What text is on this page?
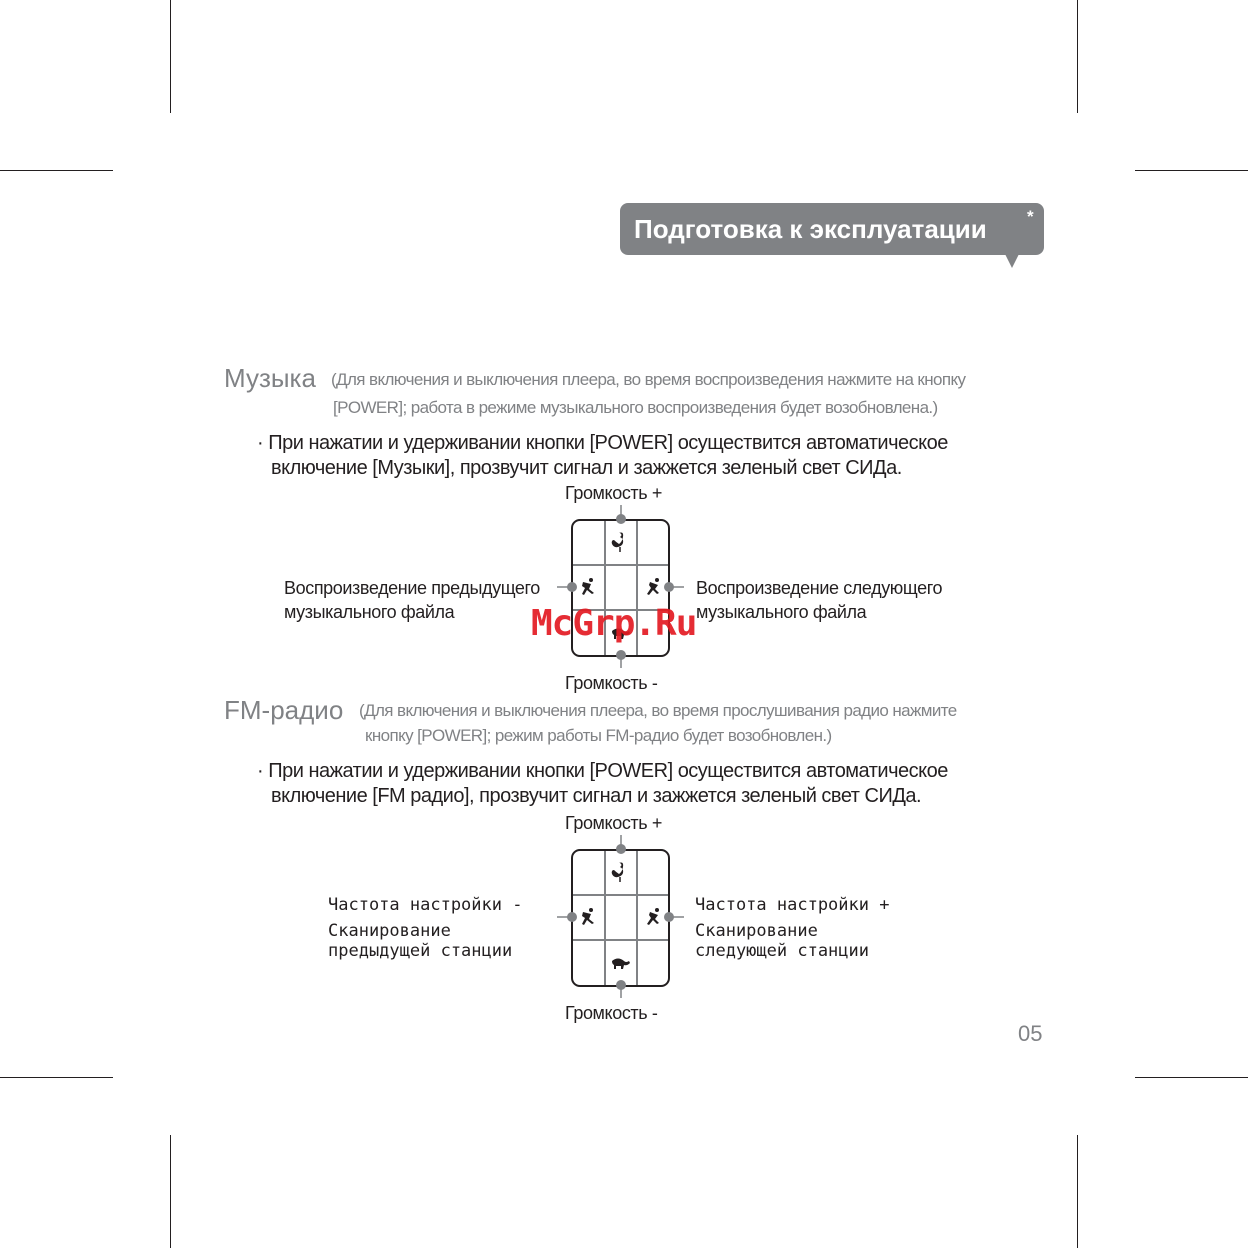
Подготовка к эксплуатации *
Музыка (Для включения и выключения плеера, во время воспроизведения нажмите на кнопку
[POWER]; работа в режиме музыкального воспроизведения будет возобновлена.)
· При нажатии и удерживании кнопки [POWER] осуществится автоматическое
включение [Музыки], прозвучит сигнал и зажжется зеленый свет СИДа.
Громкость +
Громкость -
Воспроизведение предыдущего
музыкального файла
Воспроизведение следующего
музыкального файла
McGrp.Ru
FM-радио (Для включения и выключения плеера, во время прослушивания радио нажмите
кнопку [POWER]; режим работы FM-радио будет возобновлен.)
· При нажатии и удерживании кнопки [POWER] осуществится автоматическое
включение [FM радио], прозвучит сигнал и зажжется зеленый свет СИДа.
Громкость +
Громкость -
Частота настройки -
Сканирование
предыдущей станции
Частота настройки +
Сканирование
следующей станции
05
